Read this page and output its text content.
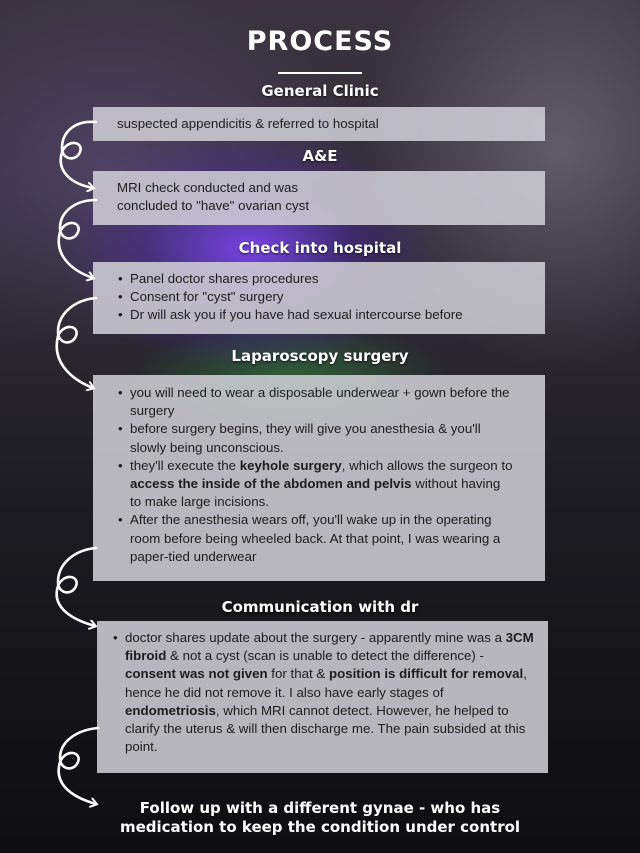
PROCESS
General Clinic

suspected appendicitis & referred to hospital

A&E

MRI check conducted and was

concluded to "have" ovarian cyst

Check into hospital
• Panel doctor shares procedures
• Consent for "cyst" surgery
• Dr will ask you if you have had sexual intercourse before
Laparoscopy surgery
• you will need to wear a disposable underwear + gown before the surgery
• before surgery begins, they will give you anesthesia & you'll slowly being unconscious.
• they'll execute the keyhole surgery, which allows the surgeon to access the inside of the abdomen and pelvis without having to make large incisions.
• After the anesthesia wears off, you'll wake up in the operating room before being wheeled back. At that point, I was wearing a paper-tied underwear
Communication with dr
• doctor shares update about the surgery - apparently mine was a 3CM fibroid & not a cyst (scan is unable to detect the difference) - consent was not given for that & position is difficult for removal, hence he did not remove it. I also have early stages of endometriosis, which MRI cannot detect. However, he helped to clarify the uterus & will then discharge me. The pain subsided at this point.
Follow up with a different gynae - who has
medication to keep the condition under control
